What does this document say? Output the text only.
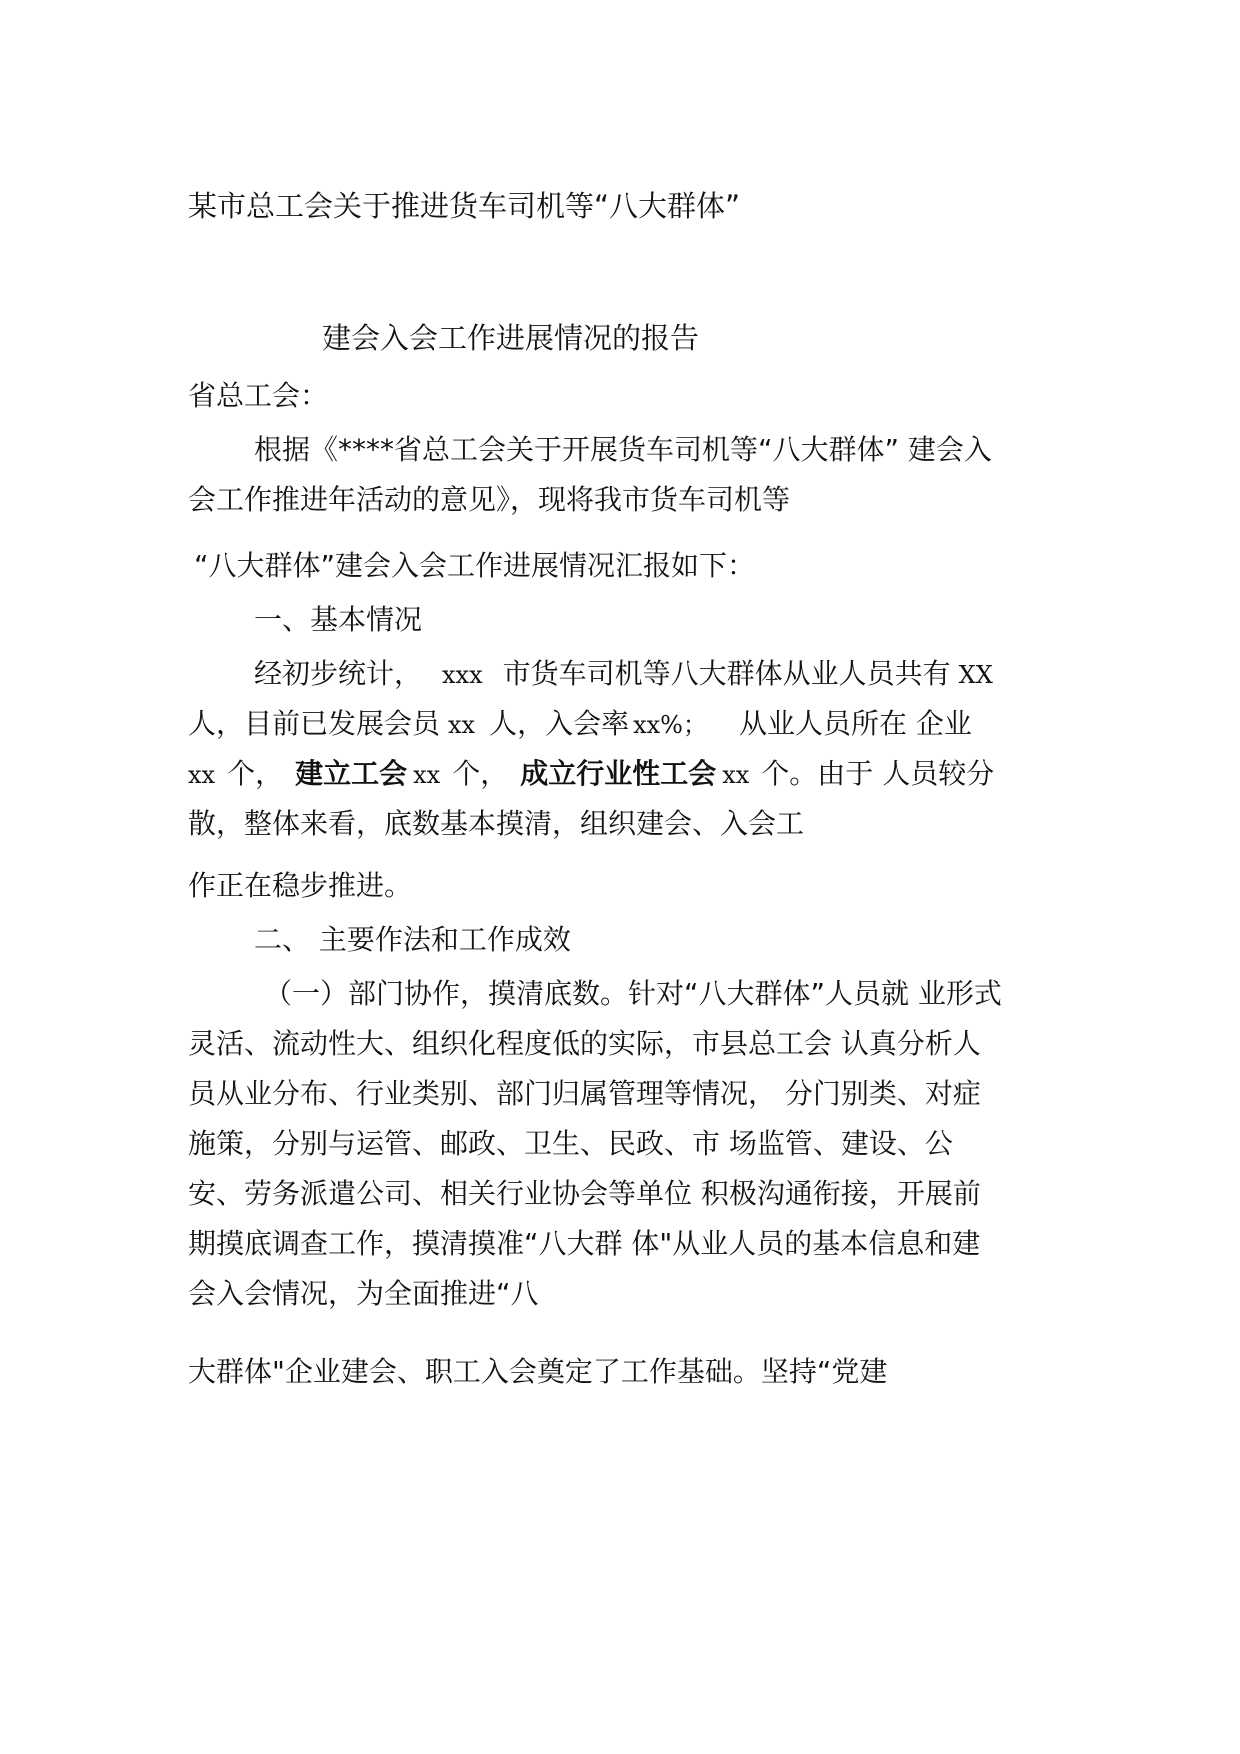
某市总工会关于推进货车司机等“八大群体”
建会入会工作进展情况的报告
省总工会：
根据《****省总工会关于开展货车司机等“八大群体” 建会入
会工作推进年活动的意见》，现将我市货车司机等
“八大群体”建会入会工作进展情况汇报如下：
一、基本情况
经初步统计， xxx 市货车司机等八大群体从业人员共有 XX
人，目前已发展会员 xx 人，入会率 xx%； 从业人员所在 企业
xx 个， 建立工会 xx 个， 成立行业性工会 xx 个。由于 人员较分
散，整体来看，底数基本摸清，组织建会、入会工
作正在稳步推进。
二、 主要作法和工作成效
（一）部门协作，摸清底数。针对“八大群体”人员就 业形式
灵活、流动性大、组织化程度低的实际，市县总工会 认真分析人
员从业分布、行业类别、部门归属管理等情况， 分门别类、对症
施策，分别与运管、邮政、卫生、民政、市 场监管、建设、公
安、劳务派遣公司、相关行业协会等单位 积极沟通衔接，开展前
期摸底调查工作，摸清摸准“八大群 体"从业人员的基本信息和建
会入会情况，为全面推进“八
大群体"企业建会、职工入会奠定了工作基础。坚持“党建
